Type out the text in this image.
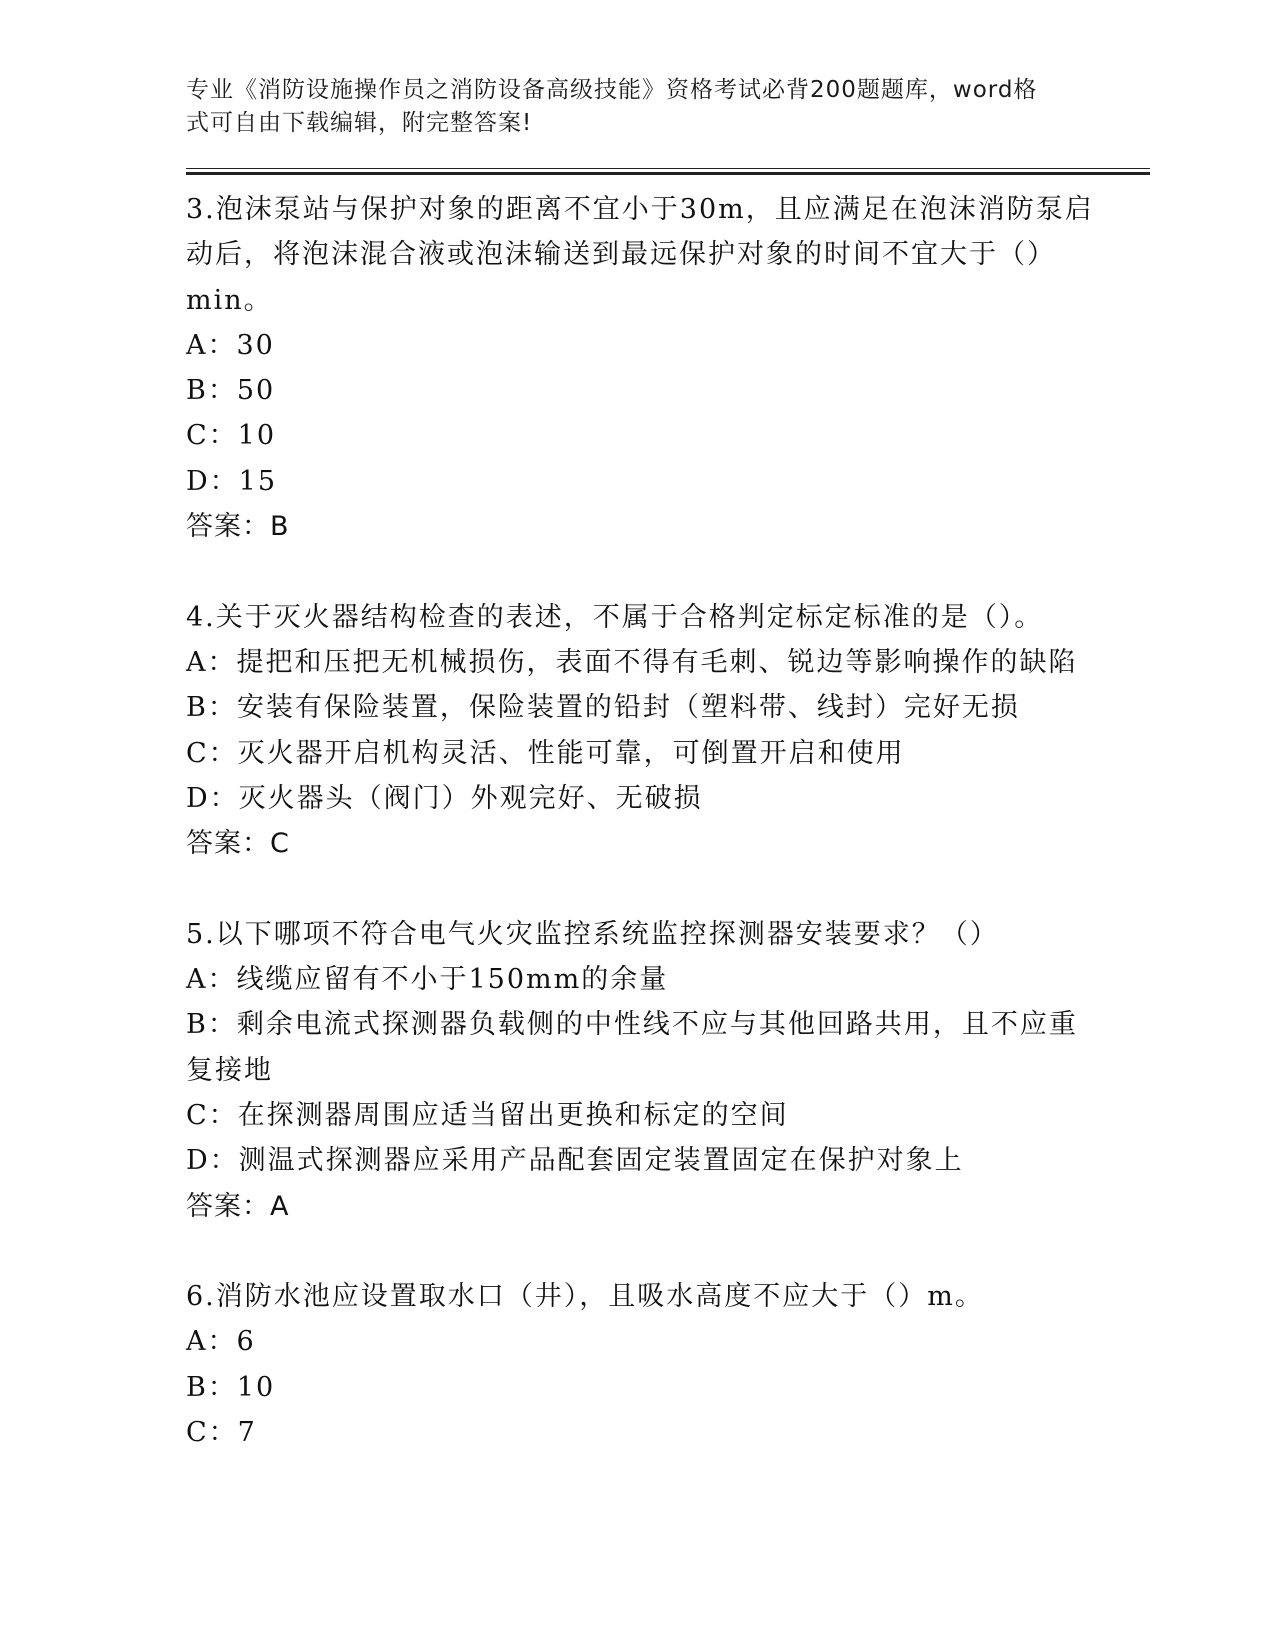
专业《消防设施操作员之消防设备高级技能》资格考试必背200题题库，word格
式可自由下载编辑，附完整答案!
3.泡沫泵站与保护对象的距离不宜小于30m，且应满足在泡沫消防泵启
动后，将泡沫混合液或泡沫输送到最远保护对象的时间不宜大于（）
min。
A：30
B：50
C：10
D：15
答案：B
4.关于灭火器结构检查的表述，不属于合格判定标定标准的是（）。
A：提把和压把无机械损伤，表面不得有毛刺、锐边等影响操作的缺陷
B：安装有保险装置，保险装置的铅封（塑料带、线封）完好无损
C：灭火器开启机构灵活、性能可靠，可倒置开启和使用
D：灭火器头（阀门）外观完好、无破损
答案：C
5.以下哪项不符合电气火灾监控系统监控探测器安装要求？（）
A：线缆应留有不小于150mm的余量
B：剩余电流式探测器负载侧的中性线不应与其他回路共用，且不应重
复接地
C：在探测器周围应适当留出更换和标定的空间
D：测温式探测器应采用产品配套固定装置固定在保护对象上
答案：A
6.消防水池应设置取水口（井），且吸水高度不应大于（）m。
A：6
B：10
C：7
